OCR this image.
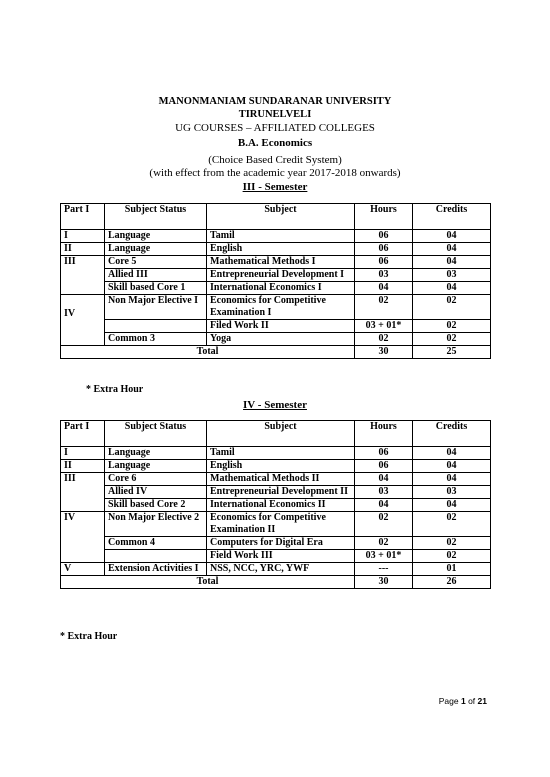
MANONMANIAM SUNDARANAR UNIVERSITY
TIRUNELVELI
UG COURSES – AFFILIATED COLLEGES
B.A. Economics
(Choice Based Credit System)
(with effect from the academic year 2017-2018 onwards)
III - Semester
Part I	Subject Status	Subject	Hours	Credits
I	Language	Tamil	06	04
II	Language	English	06	04
III	Core 5	Mathematical Methods I	06	04
	Allied III	Entrepreneurial Development I	03	03
	Skill based Core 1	International Economics I	04	04
IV	Non Major Elective I	Economics for Competitive Examination I	02	02
		Filed Work II	03 + 01*	02
	Common 3	Yoga	02	02
Total			30	25
* Extra Hour
IV - Semester
Part I	Subject Status	Subject	Hours	Credits
I	Language	Tamil	06	04
II	Language	English	06	04
III	Core 6	Mathematical Methods II	04	04
	Allied IV	Entrepreneurial Development II	03	03
	Skill based Core 2	International Economics II	04	04
IV	Non Major Elective 2	Economics for Competitive Examination II	02	02
	Common 4	Computers for Digital Era	02	02
		Field Work III	03 + 01*	02
V	Extension Activities I	NSS, NCC, YRC, YWF	---	01
Total			30	26
* Extra Hour
Page 1 of 21
